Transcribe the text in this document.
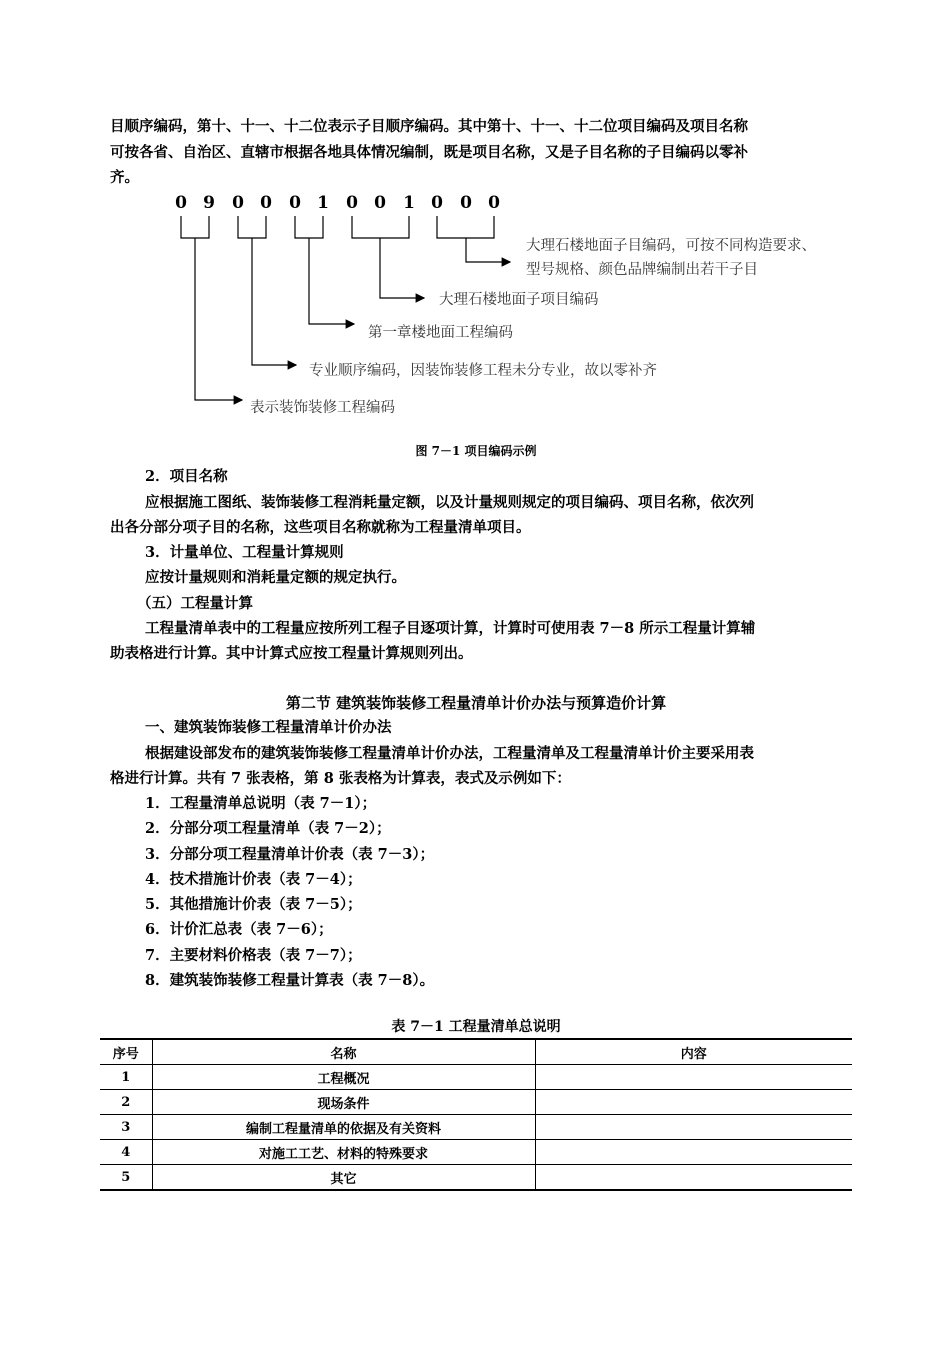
目顺序编码，第十、十一、十二位表示子目顺序编码。其中第十、十一、十二位项目编码及项目名称
可按各省、自治区、直辖市根据各地具体情况编制，既是项目名称，又是子目名称的子目编码以零补
齐。
0 9 0 0 0 1 0 0 1 0 0 0
大理石楼地面子目编码，可按不同构造要求、
型号规格、颜色品牌编制出若干子目
大理石楼地面子项目编码
第一章楼地面工程编码
专业顺序编码，因装饰装修工程未分专业，故以零补齐
表示装饰装修工程编码
图 7－1 项目编码示例
2．项目名称
应根据施工图纸、装饰装修工程消耗量定额，以及计量规则规定的项目编码、项目名称，依次列
出各分部分项子目的名称，这些项目名称就称为工程量清单项目。
3．计量单位、工程量计算规则
应按计量规则和消耗量定额的规定执行。
（五）工程量计算
工程量清单表中的工程量应按所列工程子目逐项计算，计算时可使用表 7－8 所示工程量计算辅
助表格进行计算。其中计算式应按工程量计算规则列出。
第二节 建筑装饰装修工程量清单计价办法与预算造价计算
一、建筑装饰装修工程量清单计价办法
根据建设部发布的建筑装饰装修工程量清单计价办法，工程量清单及工程量清单计价主要采用表
格进行计算。共有 7 张表格，第 8 张表格为计算表，表式及示例如下：
1．工程量清单总说明（表 7－1）；
2．分部分项工程量清单（表 7－2）；
3．分部分项工程量清单计价表（表 7－3）；
4．技术措施计价表（表 7－4）；
5．其他措施计价表（表 7－5）；
6．计价汇总表（表 7－6）；
7．主要材料价格表（表 7－7）；
8．建筑装饰装修工程量计算表（表 7－8）。
表 7－1 工程量清单总说明
序号	名称	内容
1	工程概况	
2	现场条件	
3	编制工程量清单的依据及有关资料	
4	对施工工艺、材料的特殊要求	
5	其它	
